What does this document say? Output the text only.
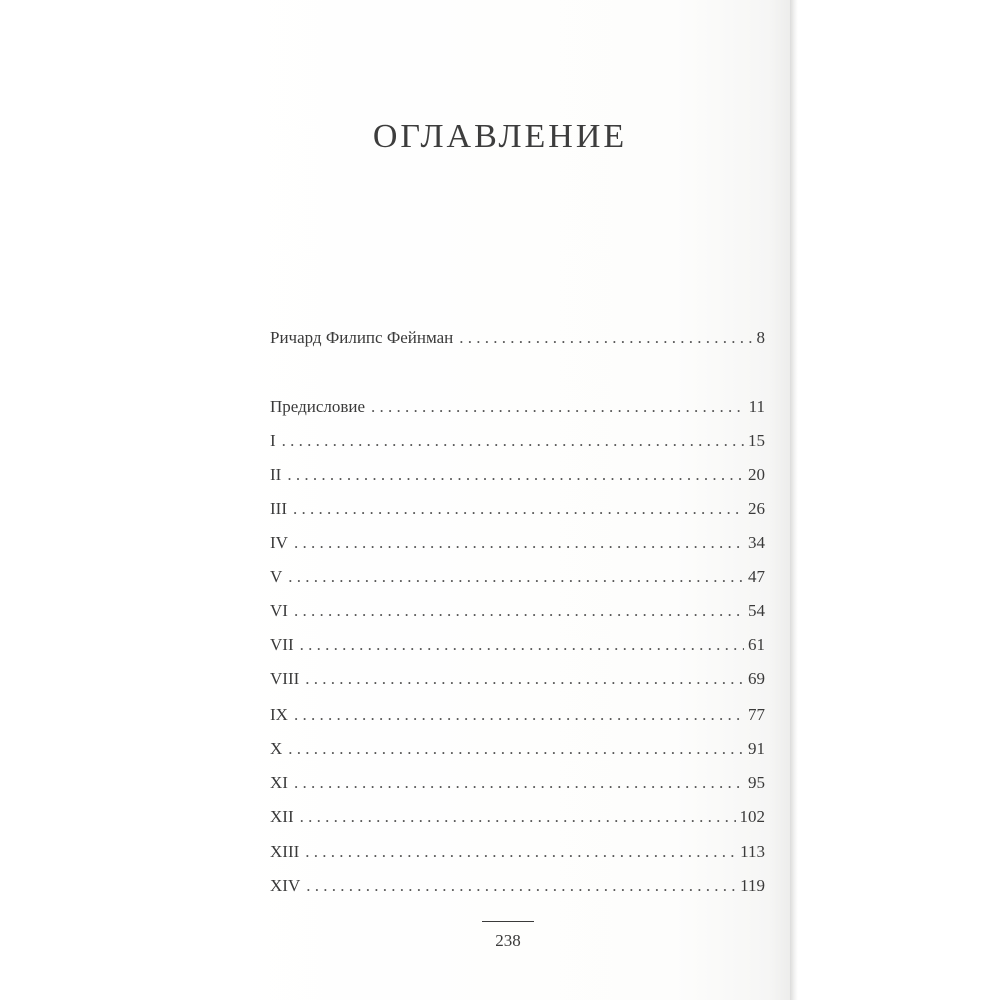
ОГЛАВЛЕНИЕ
Ричард Филипс Фейнман . . .	8
Предисловие . . .	11
I . . .	15
II . . .	20
III . . .	26
IV . . .	34
V . . .	47
VI . . .	54
VII . . .	61
VIII . . .	69
IX . . .	77
X . . .	91
XI . . .	95
XII . . .	102
XIII . . .	113
XIV . . .	119
238
